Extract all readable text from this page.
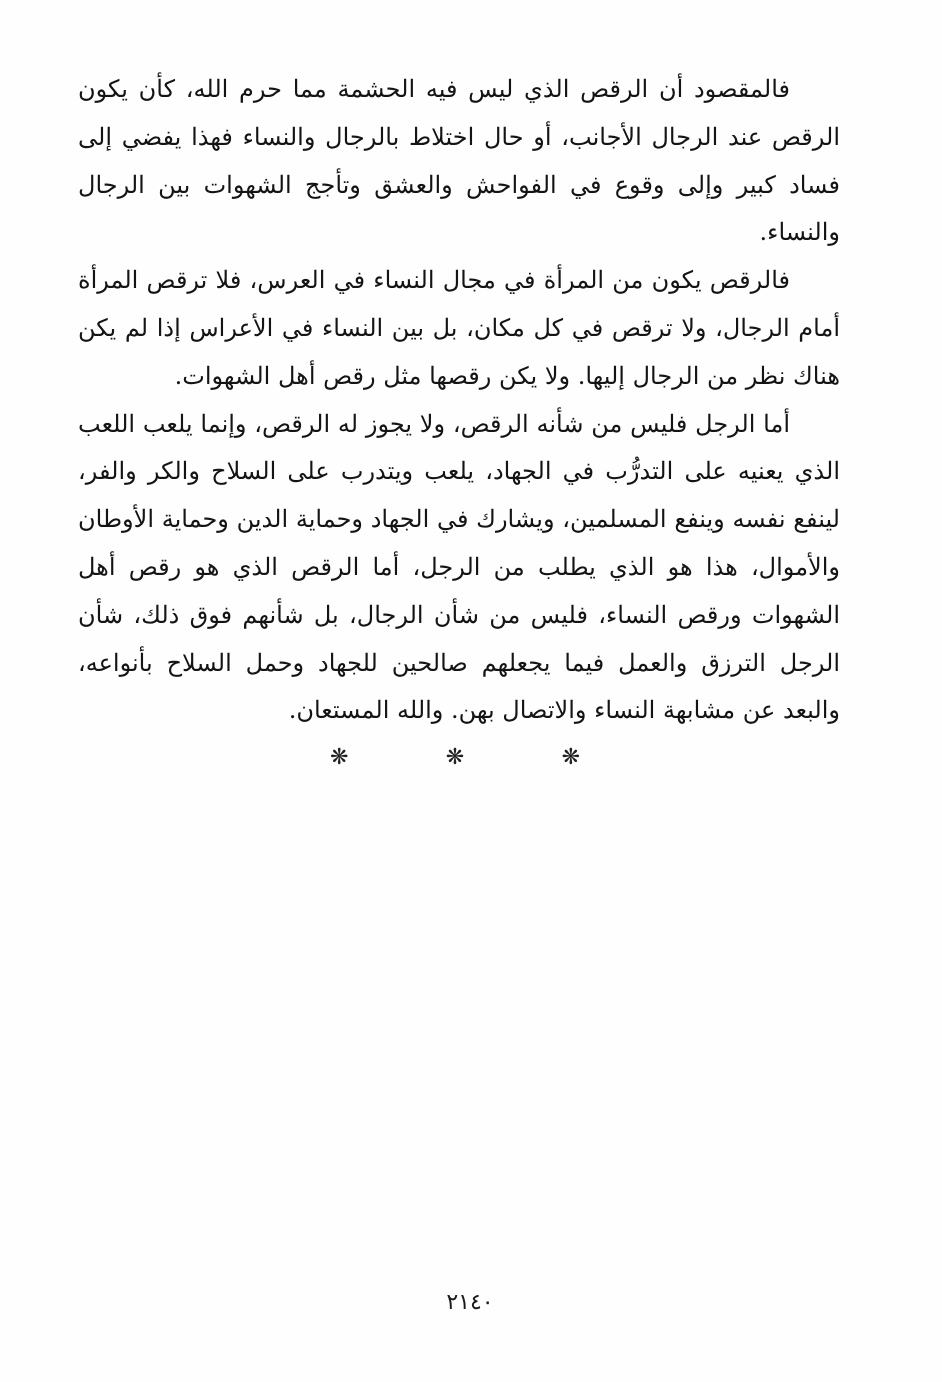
فالمقصود أن الرقص الذي ليس فيه الحشمة مما حرم الله، كأن يكون الرقص عند الرجال الأجانب، أو حال اختلاط بالرجال والنساء فهذا يفضي إلى فساد كبير وإلى وقوع في الفواحش والعشق وتأجج الشهوات بين الرجال والنساء.

فالرقص يكون من المرأة في مجال النساء في العرس، فلا ترقص المرأة أمام الرجال، ولا ترقص في كل مكان، بل بين النساء في الأعراس إذا لم يكن هناك نظر من الرجال إليها. ولا يكن رقصها مثل رقص أهل الشهوات.

أما الرجل فليس من شأنه الرقص، ولا يجوز له الرقص، وإنما يلعب اللعب الذي يعنيه على التدرُّب في الجهاد، يلعب ويتدرب على السلاح والكر والفر، لينفع نفسه وينفع المسلمين، ويشارك في الجهاد وحماية الدين وحماية الأوطان والأموال، هذا هو الذي يطلب من الرجل، أما الرقص الذي هو رقص أهل الشهوات ورقص النساء، فليس من شأن الرجال، بل شأنهم فوق ذلك، شأن الرجل الترزق والعمل فيما يجعلهم صالحين للجهاد وحمل السلاح بأنواعه، والبعد عن مشابهة النساء والاتصال بهن. والله المستعان.

❋
❋
❋
٢١٤٠
